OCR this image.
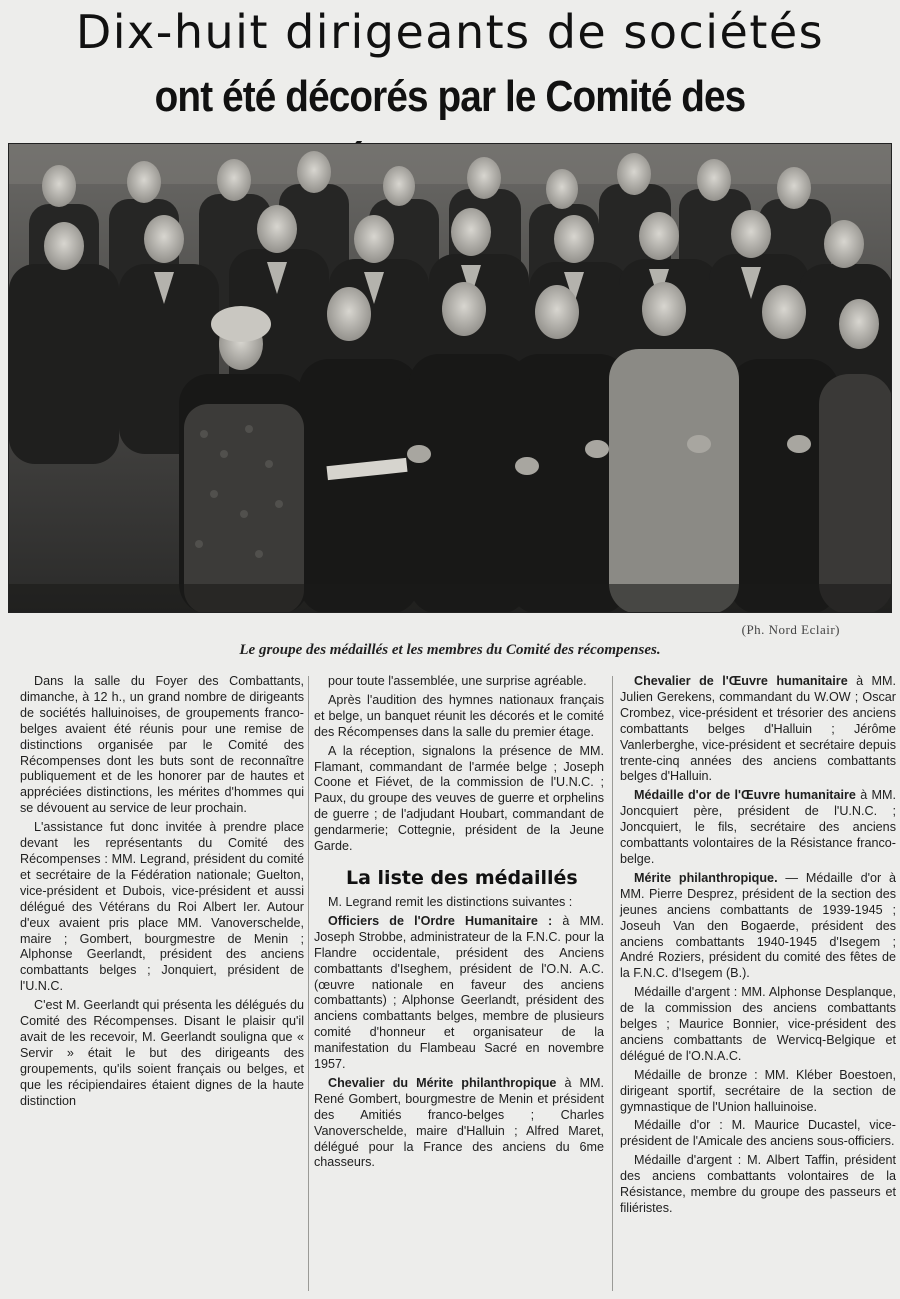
Dix-huit dirigeants de sociétés
ont été décorés par le Comité des
(Ph. Nord Eclair)
Le groupe des médaillés et les membres du Comité des récompenses.

Dans la salle du Foyer des Combattants, dimanche, à 12 h., un grand nombre de dirigeants de sociétés halluinoises, de groupements franco-belges avaient été réunis pour une remise de distinctions organisée par le Comité des Récompenses dont les buts sont de reconnaître publiquement et de les honorer par de hautes et appréciées distinctions, les mérites d'hommes qui se dévouent au service de leur prochain.

L'assistance fut donc invitée à prendre place devant les représentants du Comité des Récompenses : MM. Legrand, président du comité et secrétaire de la Fédération nationale; Guelton, vice-président et Dubois, vice-président et aussi délégué des Vétérans du Roi Albert Ier. Autour d'eux avaient pris place MM. Vanoverschelde, maire ; Gombert, bourgmestre de Menin ; Alphonse Geerlandt, président des anciens combattants belges ; Jonquiert, président de l'U.N.C.

C'est M. Geerlandt qui présenta les délégués du Comité des Récompenses. Disant le plaisir qu'il avait de les recevoir, M. Geerlandt souligna que « Servir » était le but des dirigeants des groupements, qu'ils soient français ou belges, et que les récipiendaires étaient dignes de la haute distinction

pour toute l'assemblée, une surprise agréable.

Après l'audition des hymnes nationaux français et belge, un banquet réunit les décorés et le comité des Récompenses dans la salle du premier étage.

A la réception, signalons la présence de MM. Flamant, commandant de l'armée belge ; Joseph Coone et Fiévet, de la commission de l'U.N.C. ; Paux, du groupe des veuves de guerre et orphelins de guerre ; de l'adjudant Houbart, commandant de gendarmerie; Cottegnie, président de la Jeune Garde.

La liste des médaillés

M. Legrand remit les distinctions suivantes :

Officiers de l'Ordre Humanitaire : à MM. Joseph Strobbe, administrateur de la F.N.C. pour la Flandre occidentale, président des Anciens combattants d'Iseghem, président de l'O.N. A.C. (œuvre nationale en faveur des anciens combattants) ; Alphonse Geerlandt, président des anciens combattants belges, membre de plusieurs comité d'honneur et organisateur de la manifestation du Flambeau Sacré en novembre 1957.

Chevalier du Mérite philanthropique à MM. René Gombert, bourgmestre de Menin et président des Amitiés franco-belges ; Charles Vanoverschelde, maire d'Halluin ; Alfred Maret, délégué pour la France des anciens du 6me chasseurs.

Chevalier de l'Œuvre humanitaire à MM. Julien Gerekens, commandant du W.OW ; Oscar Crombez, vice-président et trésorier des anciens combattants belges d'Halluin ; Jérôme Vanlerberghe, vice-président et secrétaire depuis trente-cinq années des anciens combattants belges d'Halluin.

Médaille d'or de l'Œuvre humanitaire à MM. Joncquiert père, président de l'U.N.C. ; Joncquiert, le fils, secrétaire des anciens combattants volontaires de la Résistance franco-belge.

Mérite philanthropique. — Médaille d'or à MM. Pierre Desprez, président de la section des jeunes anciens combattants de 1939-1945 ; Joseuh Van den Bogaerde, président des anciens combattants 1940-1945 d'Isegem ; André Roziers, président du comité des fêtes de la F.N.C. d'Isegem (B.).

Médaille d'argent : MM. Alphonse Desplanque, de la commission des anciens combattants belges ; Maurice Bonnier, vice-président des anciens combattants de Wervicq-Belgique et délégué de l'O.N.A.C.

Médaille de bronze : MM. Kléber Boestoen, dirigeant sportif, secrétaire de la section de gymnastique de l'Union halluinoise.

Médaille d'or : M. Maurice Ducastel, vice-président de l'Amicale des anciens sous-officiers.

Médaille d'argent : M. Albert Taffin, président des anciens combattants volontaires de la Résistance, membre du groupe des passeurs et filiéristes.
